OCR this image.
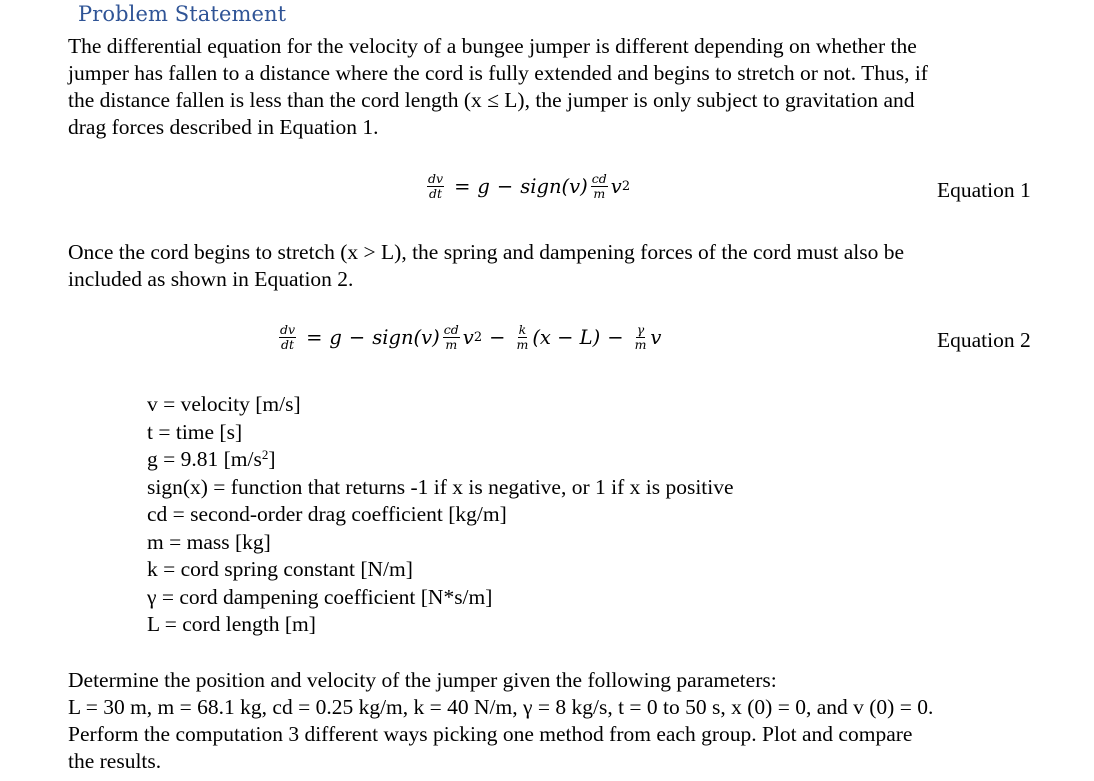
Problem Statement
The differential equation for the velocity of a bungee jumper is different depending on whether the
jumper has fallen to a distance where the cord is fully extended and begins to stretch or not. Thus, if
the distance fallen is less than the cord length (x ≤ L), the jumper is only subject to gravitation and
drag forces described in Equation 1.
$\frac{dv}{dt} = g$ − sign(v) $\frac{cd}{m}$ v 2	Equation 1
Once the cord begins to stretch (x > L), the spring and dampening forces of the cord must also be
included as shown in Equation 2.
$\frac{dv}{dt} = g$ − sign(v) $\frac{cd}{m}$ v $2 - \frac{k}{m} (x - L) - \frac{\gamma}{m}$ v	Equation 2
v = velocity [m/s]
t = time [s]
g = 9.81 $[m/s^2]$
sign(x) = function that returns -1 if x is negative, or 1 if x is positive
cd = second-order drag coefficient [kg/m]
m = mass [kg]
k = cord spring constant [N/m]
γ = cord dampening coefficient [N*s/m]
L = cord length [m]
Determine the position and velocity of the jumper given the following parameters:
L = 30 m, m = 68.1 kg, cd = 0.25 kg/m, k = 40 N/m, γ = 8 kg/s, t = 0 to 50 s, x (0) = 0, and v (0) = 0.
Perform the computation 3 different ways picking one method from each group. Plot and compare
the results.
